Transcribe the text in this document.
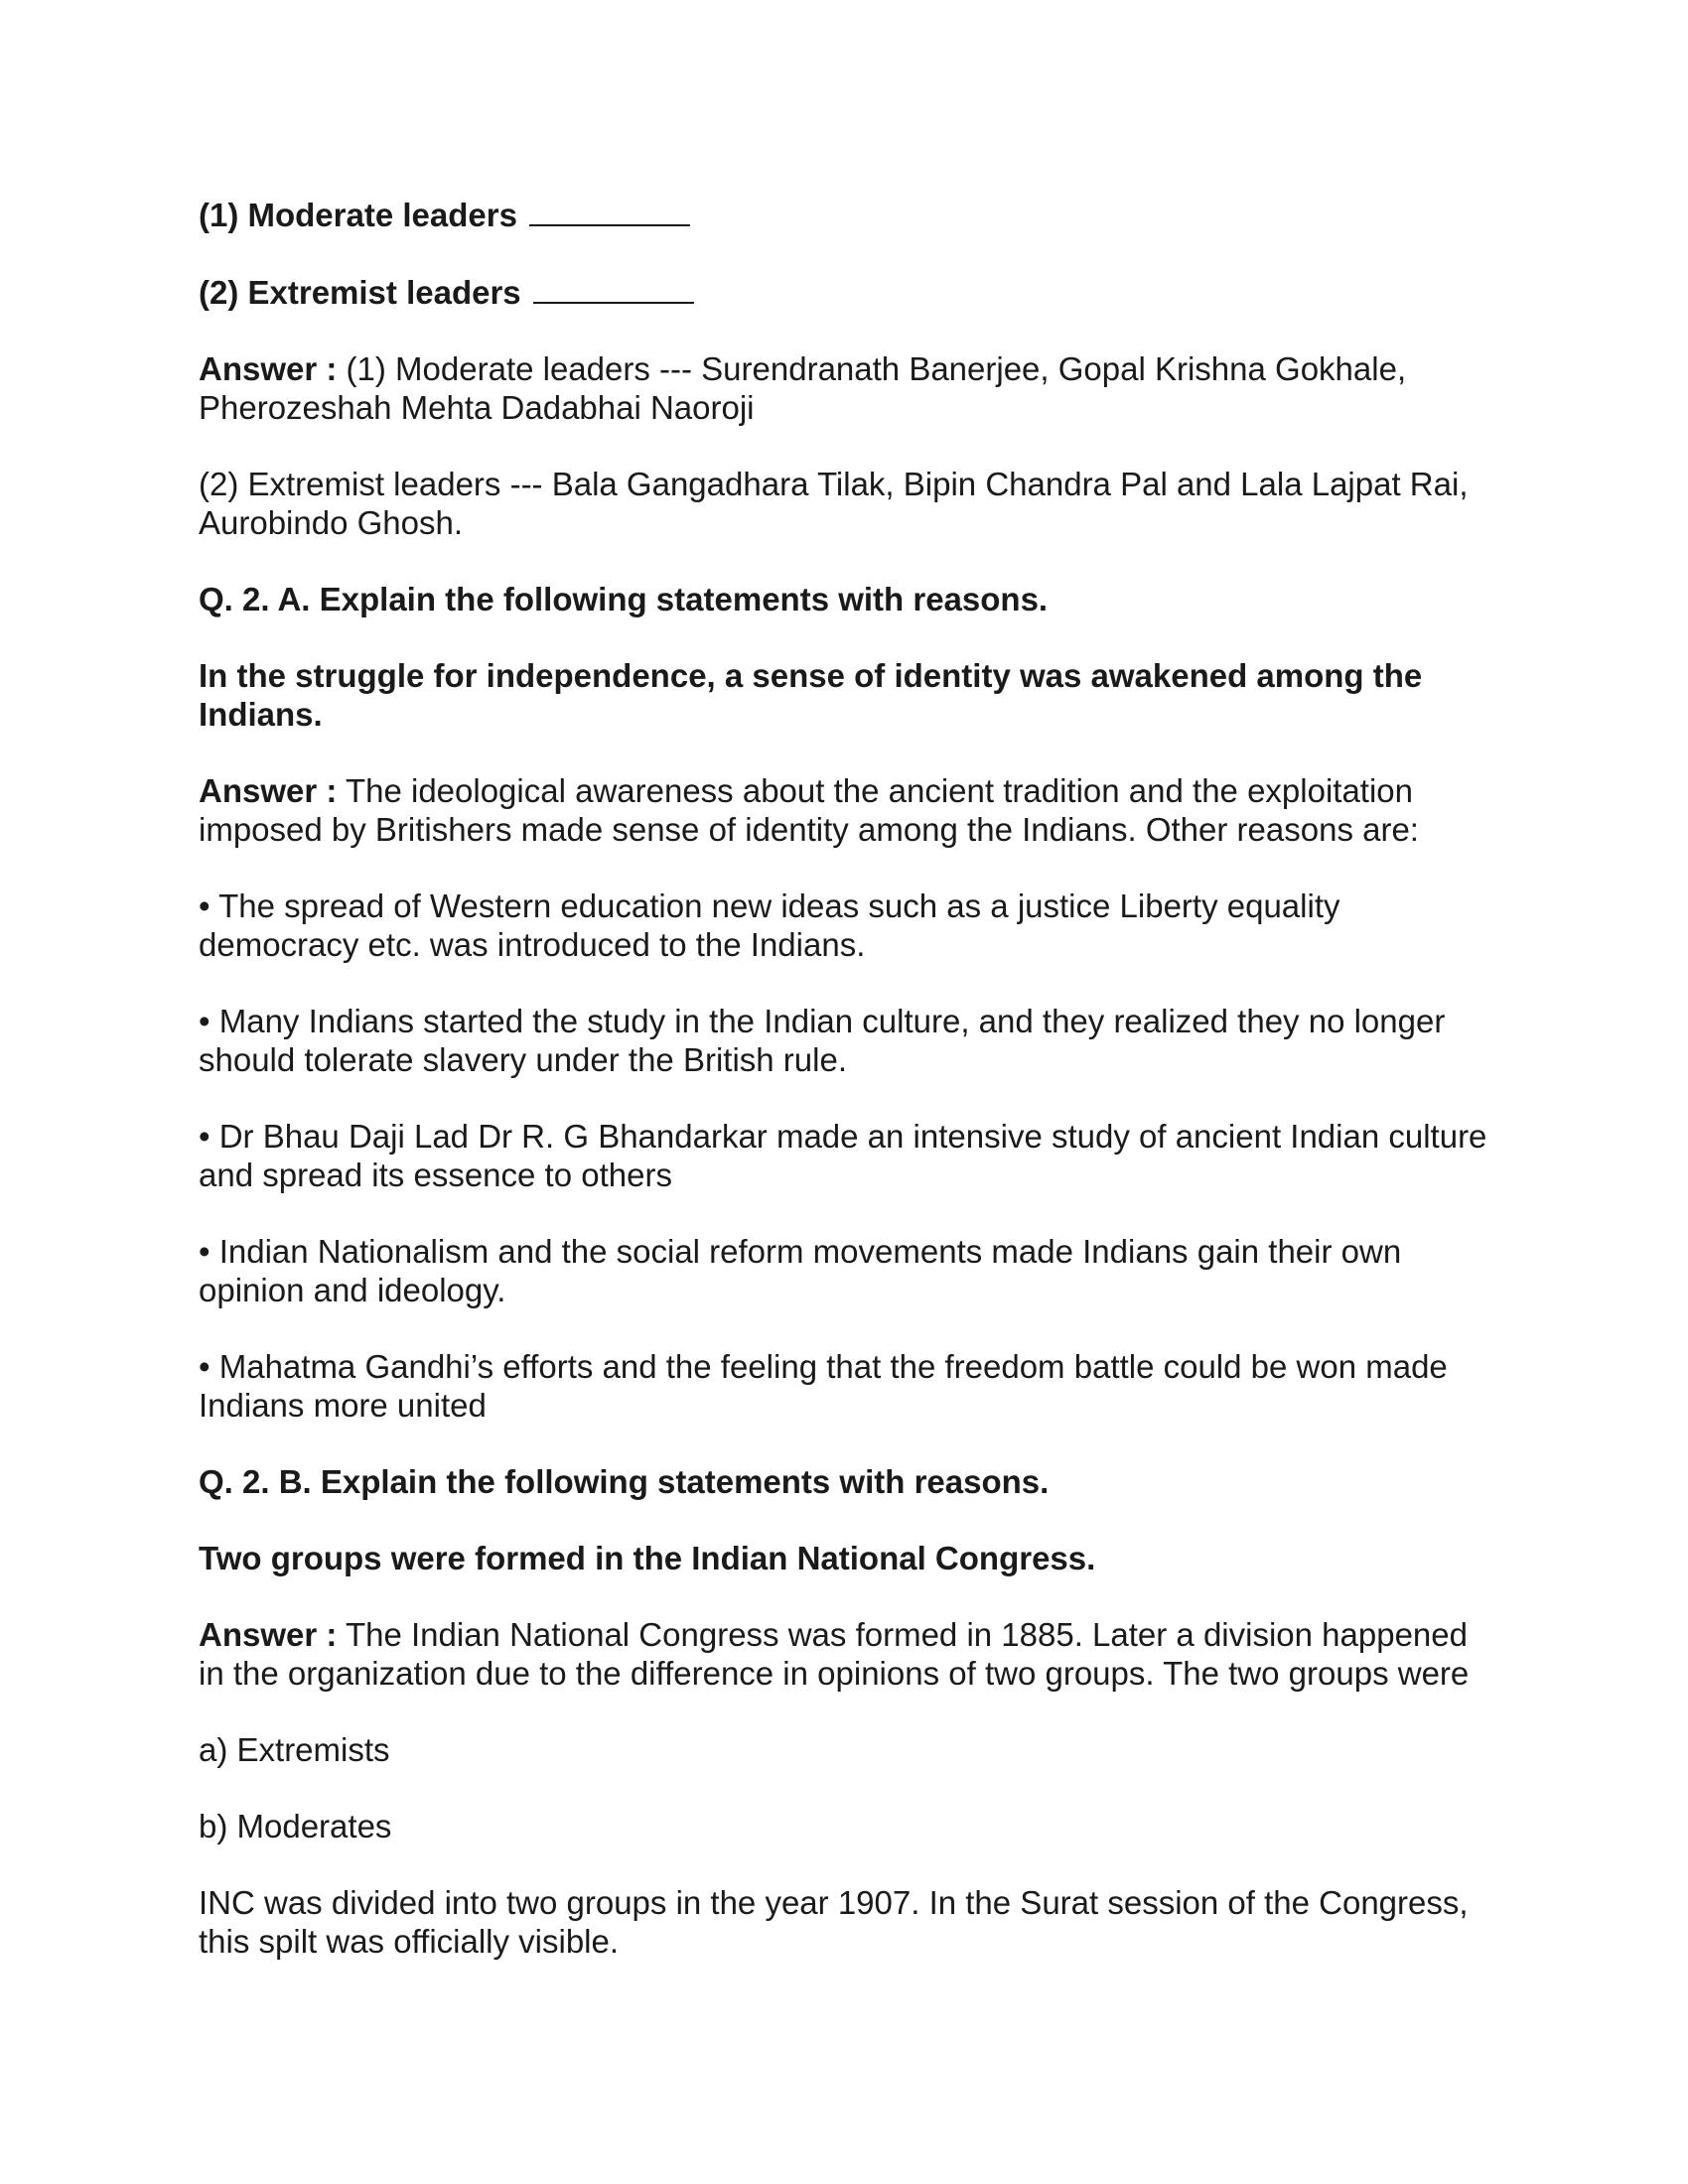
(1) Moderate leaders

(2) Extremist leaders

Answer : (1) Moderate leaders --- Surendranath Banerjee, Gopal Krishna Gokhale, Pherozeshah Mehta Dadabhai Naoroji

(2) Extremist leaders --- Bala Gangadhara Tilak, Bipin Chandra Pal and Lala Lajpat Rai, Aurobindo Ghosh.

Q. 2. A. Explain the following statements with reasons.

In the struggle for independence, a sense of identity was awakened among the Indians.

Answer : The ideological awareness about the ancient tradition and the exploitation imposed by Britishers made sense of identity among the Indians. Other reasons are:

• The spread of Western education new ideas such as a justice Liberty equality democracy etc. was introduced to the Indians.

• Many Indians started the study in the Indian culture, and they realized they no longer should tolerate slavery under the British rule.

• Dr Bhau Daji Lad Dr R. G Bhandarkar made an intensive study of ancient Indian culture and spread its essence to others

• Indian Nationalism and the social reform movements made Indians gain their own opinion and ideology.

• Mahatma Gandhi’s efforts and the feeling that the freedom battle could be won made Indians more united

Q. 2. B. Explain the following statements with reasons.

Two groups were formed in the Indian National Congress.

Answer : The Indian National Congress was formed in 1885. Later a division happened in the organization due to the difference in opinions of two groups. The two groups were

a) Extremists

b) Moderates

INC was divided into two groups in the year 1907. In the Surat session of the Congress, this spilt was officially visible.
